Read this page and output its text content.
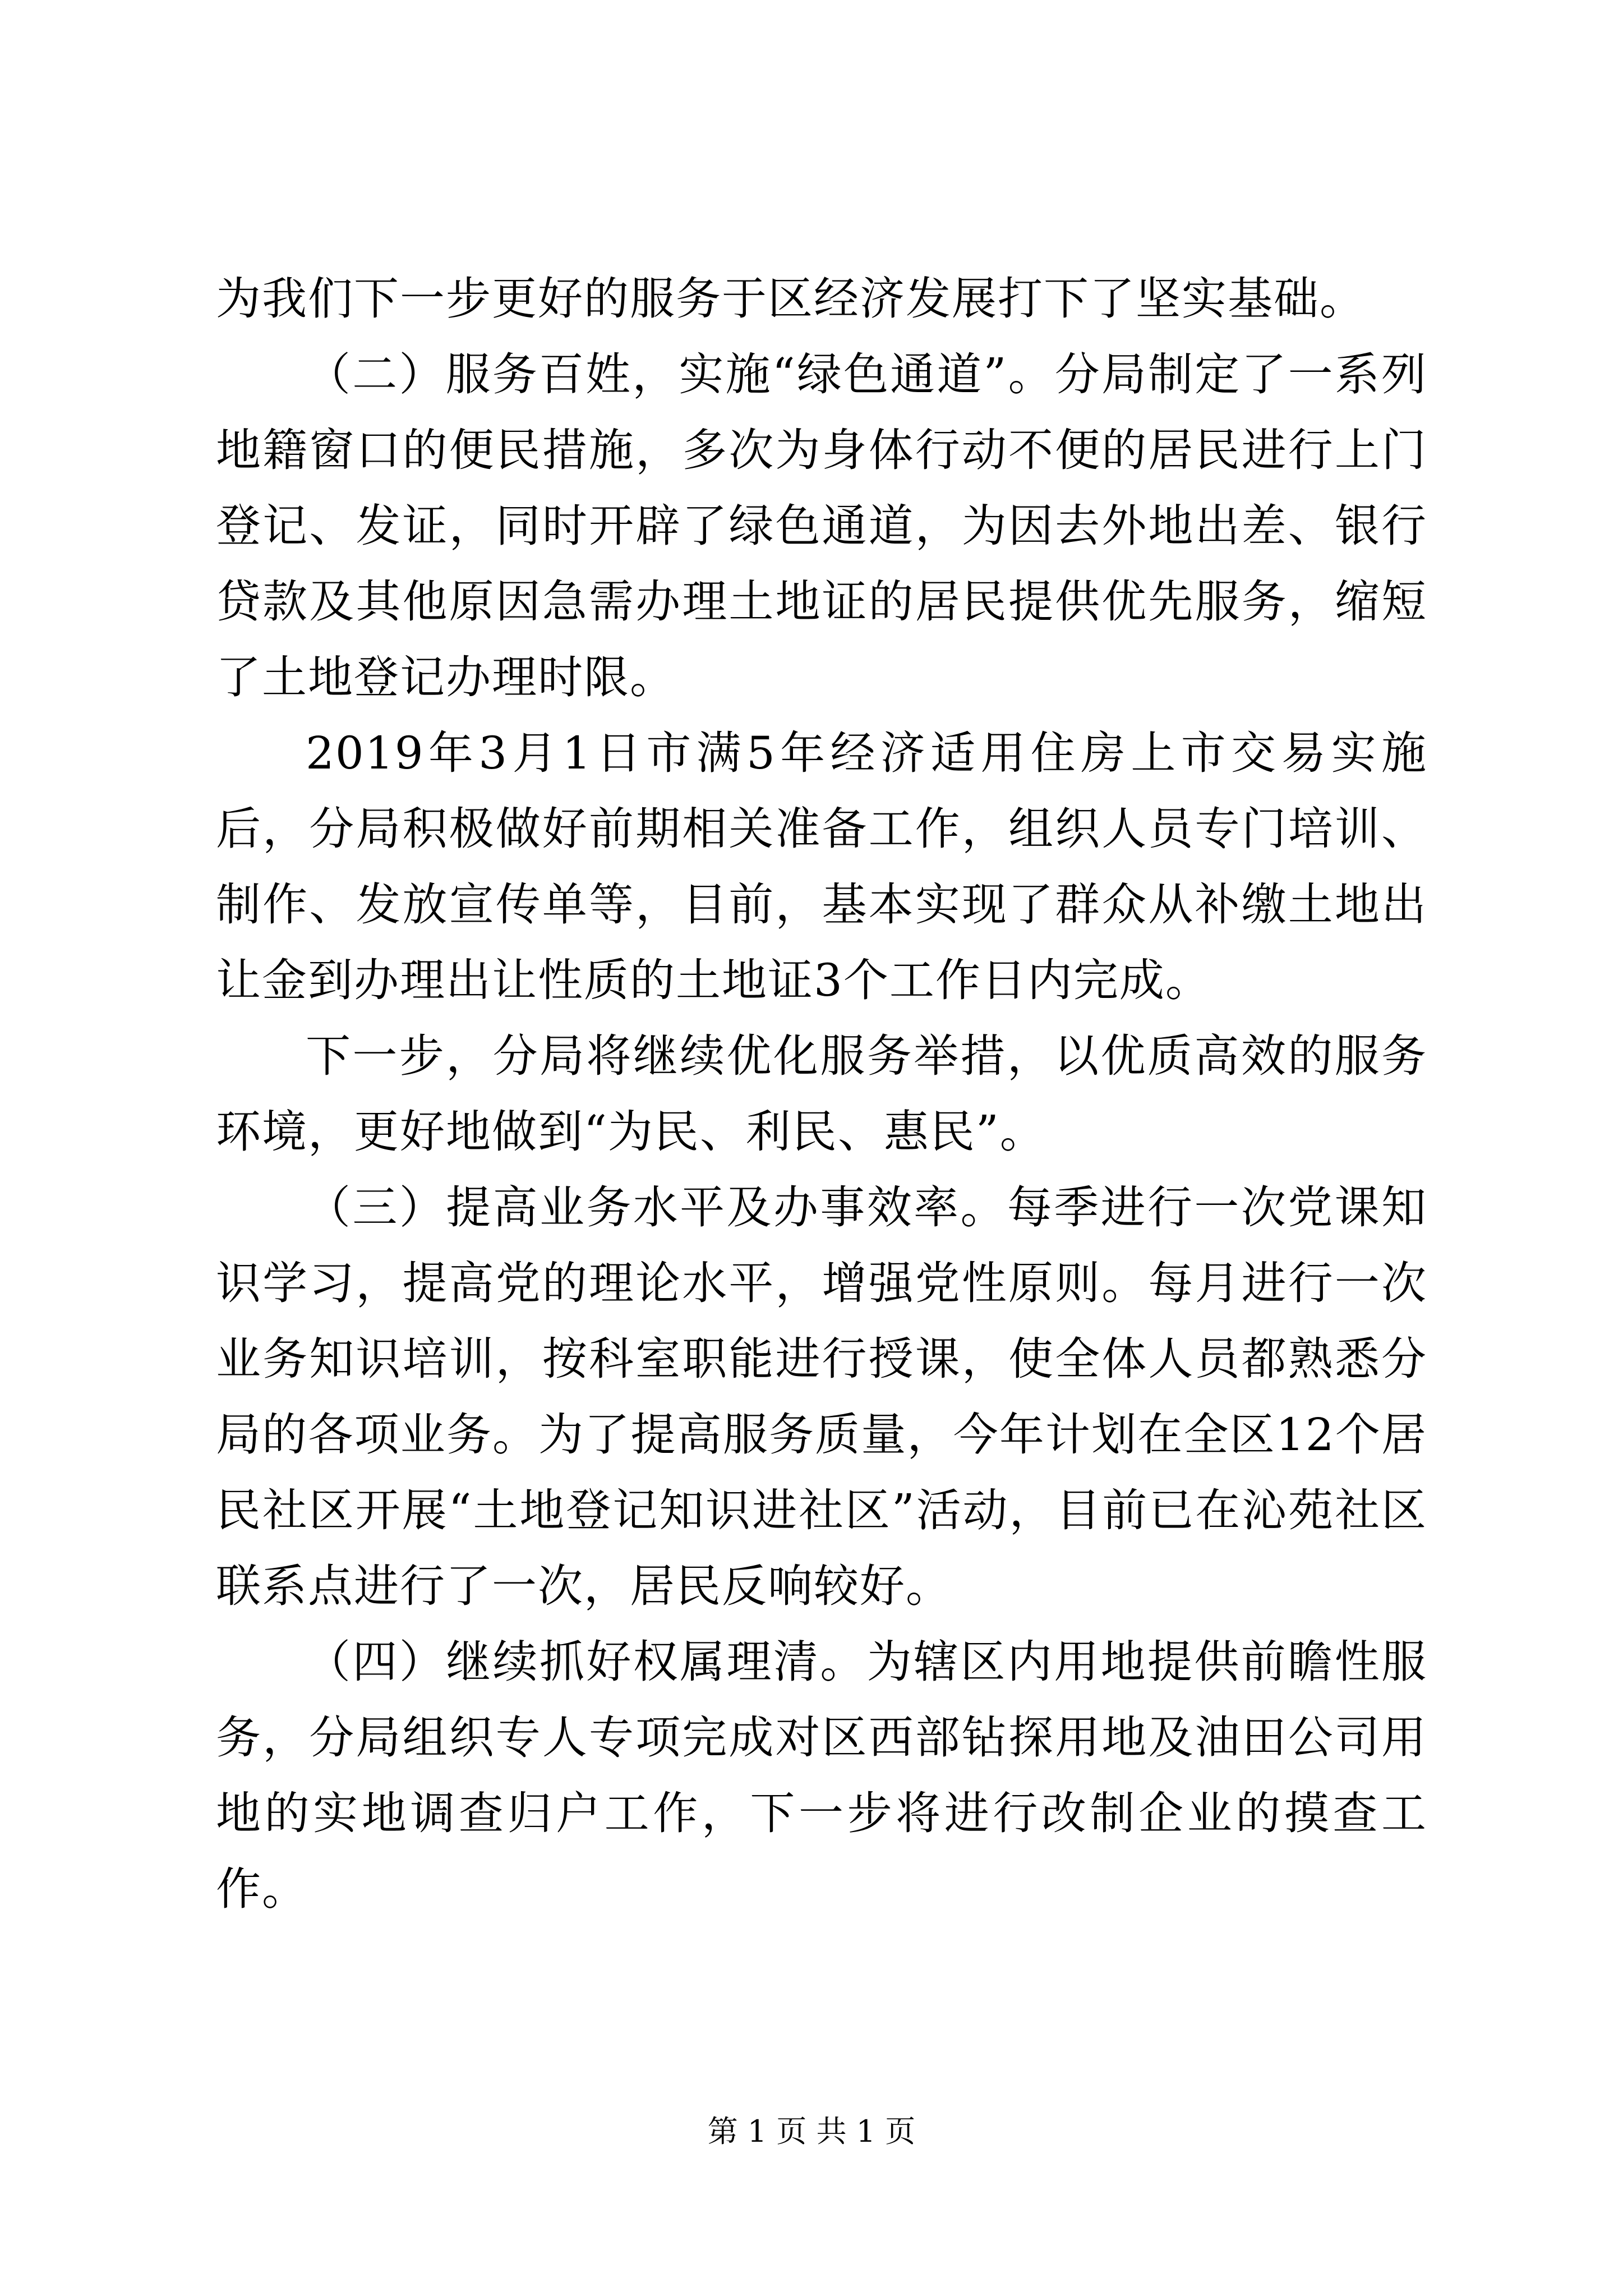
为我们下一步更好的服务于区经济发展打下了坚实基础。

（二）服务百姓，实施“绿色通道”。分局制定了一系列地籍窗口的便民措施，多次为身体行动不便的居民进行上门登记、发证，同时开辟了绿色通道，为因去外地出差、银行贷款及其他原因急需办理土地证的居民提供优先服务，缩短了土地登记办理时限。

2019年3月1日市满5年经济适用住房上市交易实施后，分局积极做好前期相关准备工作，组织人员专门培训、制作、发放宣传单等，目前，基本实现了群众从补缴土地出让金到办理出让性质的土地证3个工作日内完成。

下一步，分局将继续优化服务举措，以优质高效的服务环境，更好地做到“为民、利民、惠民”。

（三）提高业务水平及办事效率。每季进行一次党课知识学习，提高党的理论水平，增强党性原则。每月进行一次业务知识培训，按科室职能进行授课，使全体人员都熟悉分局的各项业务。为了提高服务质量，今年计划在全区12个居民社区开展“土地登记知识进社区”活动，目前已在沁苑社区联系点进行了一次，居民反响较好。

（四）继续抓好权属理清。为辖区内用地提供前瞻性服务，分局组织专人专项完成对区西部钻探用地及油田公司用地的实地调查归户工作，下一步将进行改制企业的摸查工作。

第 1 页 共 1 页
